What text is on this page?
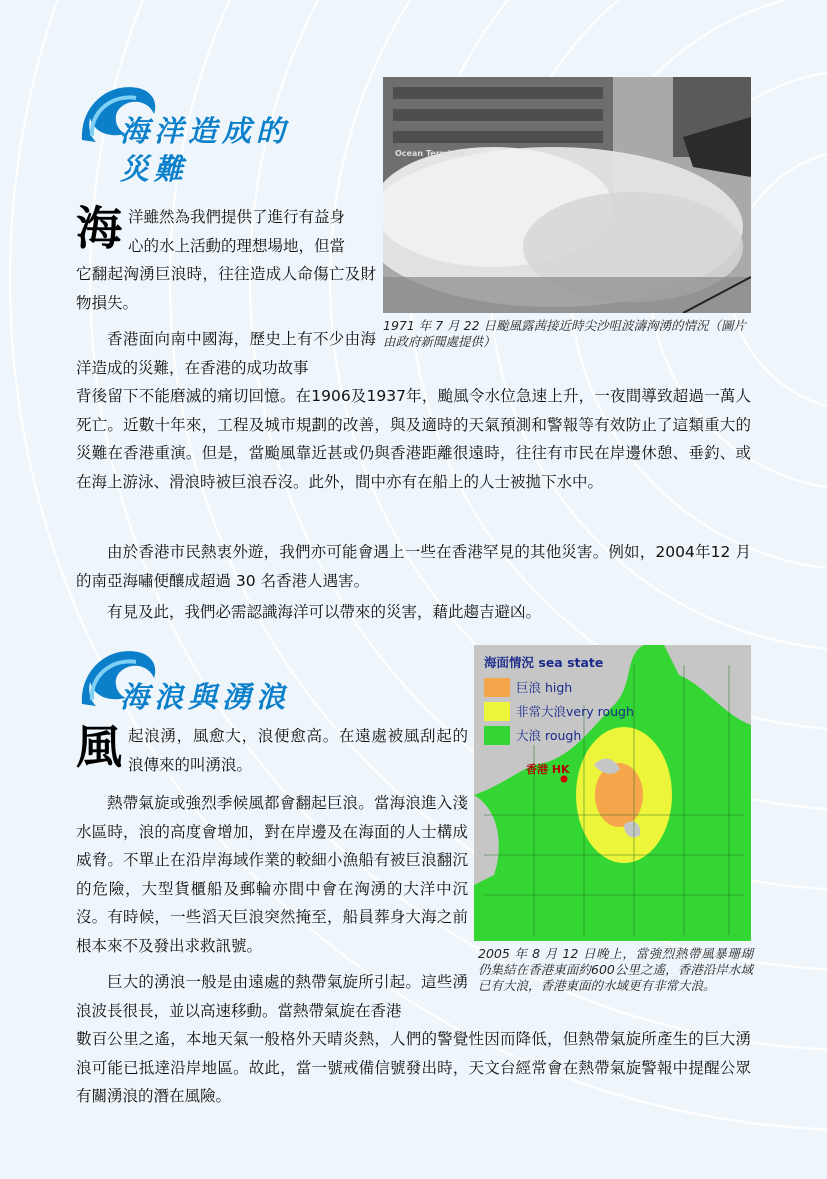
海洋造成的
災難
海 洋雖然為我們提供了進行有益身
心的水上活動的理想場地，但當
它翻起洶湧巨浪時，往往造成人命傷亡及財物損失。
香港面向南中國海，歷史上有不少由海洋造成的災難，在香港的成功故事
背後留下不能磨滅的痛切回憶。在1906及1937年，颱風令水位急速上升，一夜間導致超過一萬人死亡。近數十年來，工程及城市規劃的改善，與及適時的天氣預測和警報等有效防止了這類重大的災難在香港重演。但是，當颱風靠近甚或仍與香港距離很遠時，往往有市民在岸邊休憩、垂釣、或在海上游泳、滑浪時被巨浪吞沒。此外，間中亦有在船上的人士被拋下水中。
由於香港市民熱衷外遊，我們亦可能會遇上一些在香港罕見的其他災害。例如，2004年12 月的南亞海嘯便釀成超過 30 名香港人遇害。
有見及此，我們必需認識海洋可以帶來的災害，藉此趨吉避凶。
Ocean Terminal
1971 年 7 月 22 日颱風露茜接近時尖沙咀波濤洶湧的情況（圖片由政府新聞處提供）
海浪與湧浪
風 起浪湧，風愈大，浪便愈高。在遠處被風刮起的浪傳來的叫湧浪。
熱帶氣旋或強烈季候風都會翻起巨浪。當海浪進入淺水區時，浪的高度會增加，對在岸邊及在海面的人士構成威脅。不單止在沿岸海域作業的較細小漁船有被巨浪翻沉的危險，大型貨櫃船及郵輪亦間中會在洶湧的大洋中沉沒。有時候，一些滔天巨浪突然掩至，船員葬身大海之前根本來不及發出求救訊號。
巨大的湧浪一般是由遠處的熱帶氣旋所引起。這些湧浪波長很長，並以高速移動。當熱帶氣旋在香港
數百公里之遙，本地天氣一般格外天晴炎熱，人們的警覺性因而降低，但熱帶氣旋所產生的巨大湧浪可能已抵達沿岸地區。故此，當一號戒備信號發出時，天文台經常會在熱帶氣旋警報中提醒公眾有關湧浪的潛在風險。
海面情況 sea state
巨浪 high
非常大浪very rough
大浪 rough
香港 HK
2005 年 8 月 12 日晚上，當強烈熱帶風暴珊瑚仍集結在香港東面約600公里之遙，香港沿岸水域已有大浪，香港東面的水域更有非常大浪。
